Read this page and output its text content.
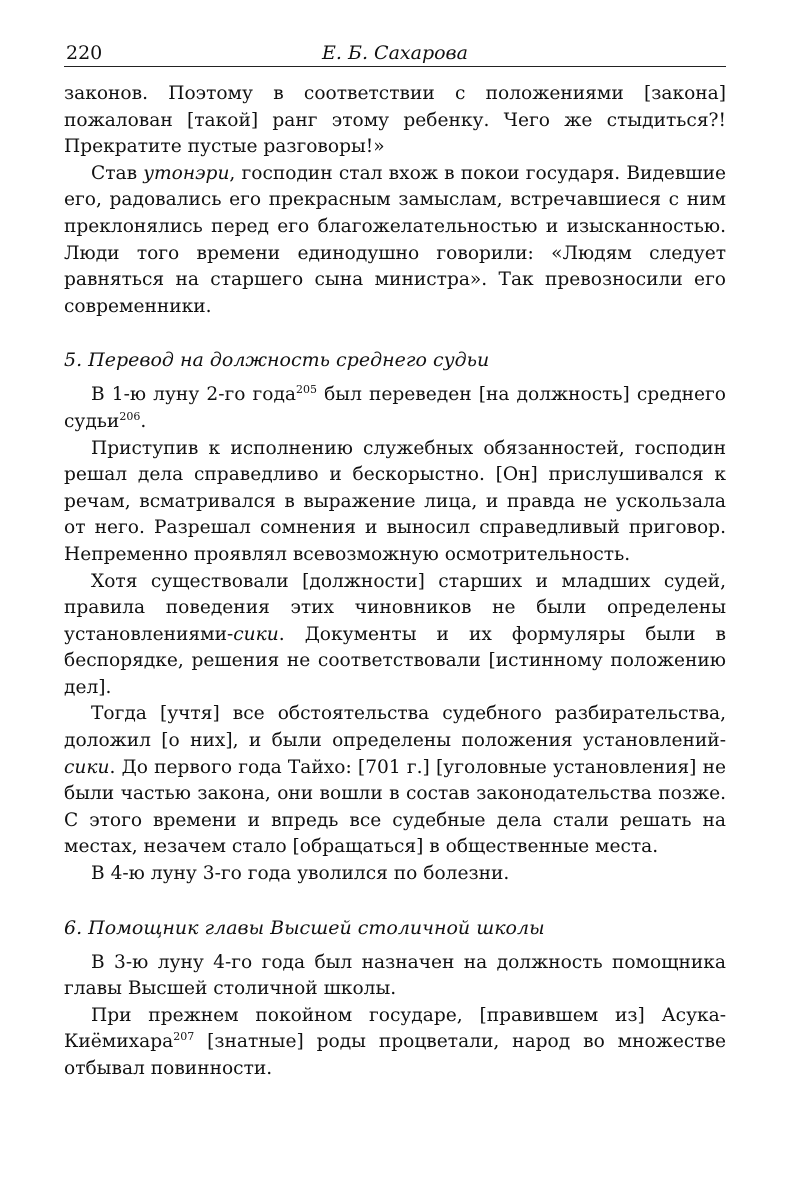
220	Е. Б. Сахарова

законов. Поэтому в соответствии с положениями [закона] пожалован [такой] ранг этому ребенку. Чего же стыдиться?! Прекратите пустые разговоры!»

Став утонэри, господин стал вхож в покои государя. Видевшие его, радовались его прекрасным замыслам, встречавшиеся с ним преклонялись перед его благожелательностью и изысканностью. Люди того времени единодушно говорили: «Людям следует равняться на старшего сына министра». Так превозносили его современники.

5. Перевод на должность среднего судьи

В 1-ю луну 2-го года$^{205}$ был переведен [на должность] среднего судьи$^{206}$.

Приступив к исполнению служебных обязанностей, господин решал дела справедливо и бескорыстно. [Он] прислушивался к речам, всматривался в выражение лица, и правда не ускользала от него. Разрешал сомнения и выносил справедливый приговор. Непременно проявлял всевозможную осмотрительность.

Хотя существовали [должности] старших и младших судей, правила поведения этих чиновников не были определены установлениями-сики. Документы и их формуляры были в беспорядке, решения не соответствовали [истинному положению дел].

Тогда [учтя] все обстоятельства судебного разбирательства, доложил [о них], и были определены положения установлений-сики. До первого года Тайхо: [701 г.] [уголовные установления] не были частью закона, они вошли в состав законодательства позже. С этого времени и впредь все судебные дела стали решать на местах, незачем стало [обращаться] в общественные места.

В 4-ю луну 3-го года уволился по болезни.

6. Помощник главы Высшей столичной школы

В 3-ю луну 4-го года был назначен на должность помощника главы Высшей столичной школы.

При прежнем покойном государе, [правившем из] Асука-Киёмихара$^{207}$ [знатные] роды процветали, народ во множестве отбывал повинности.
